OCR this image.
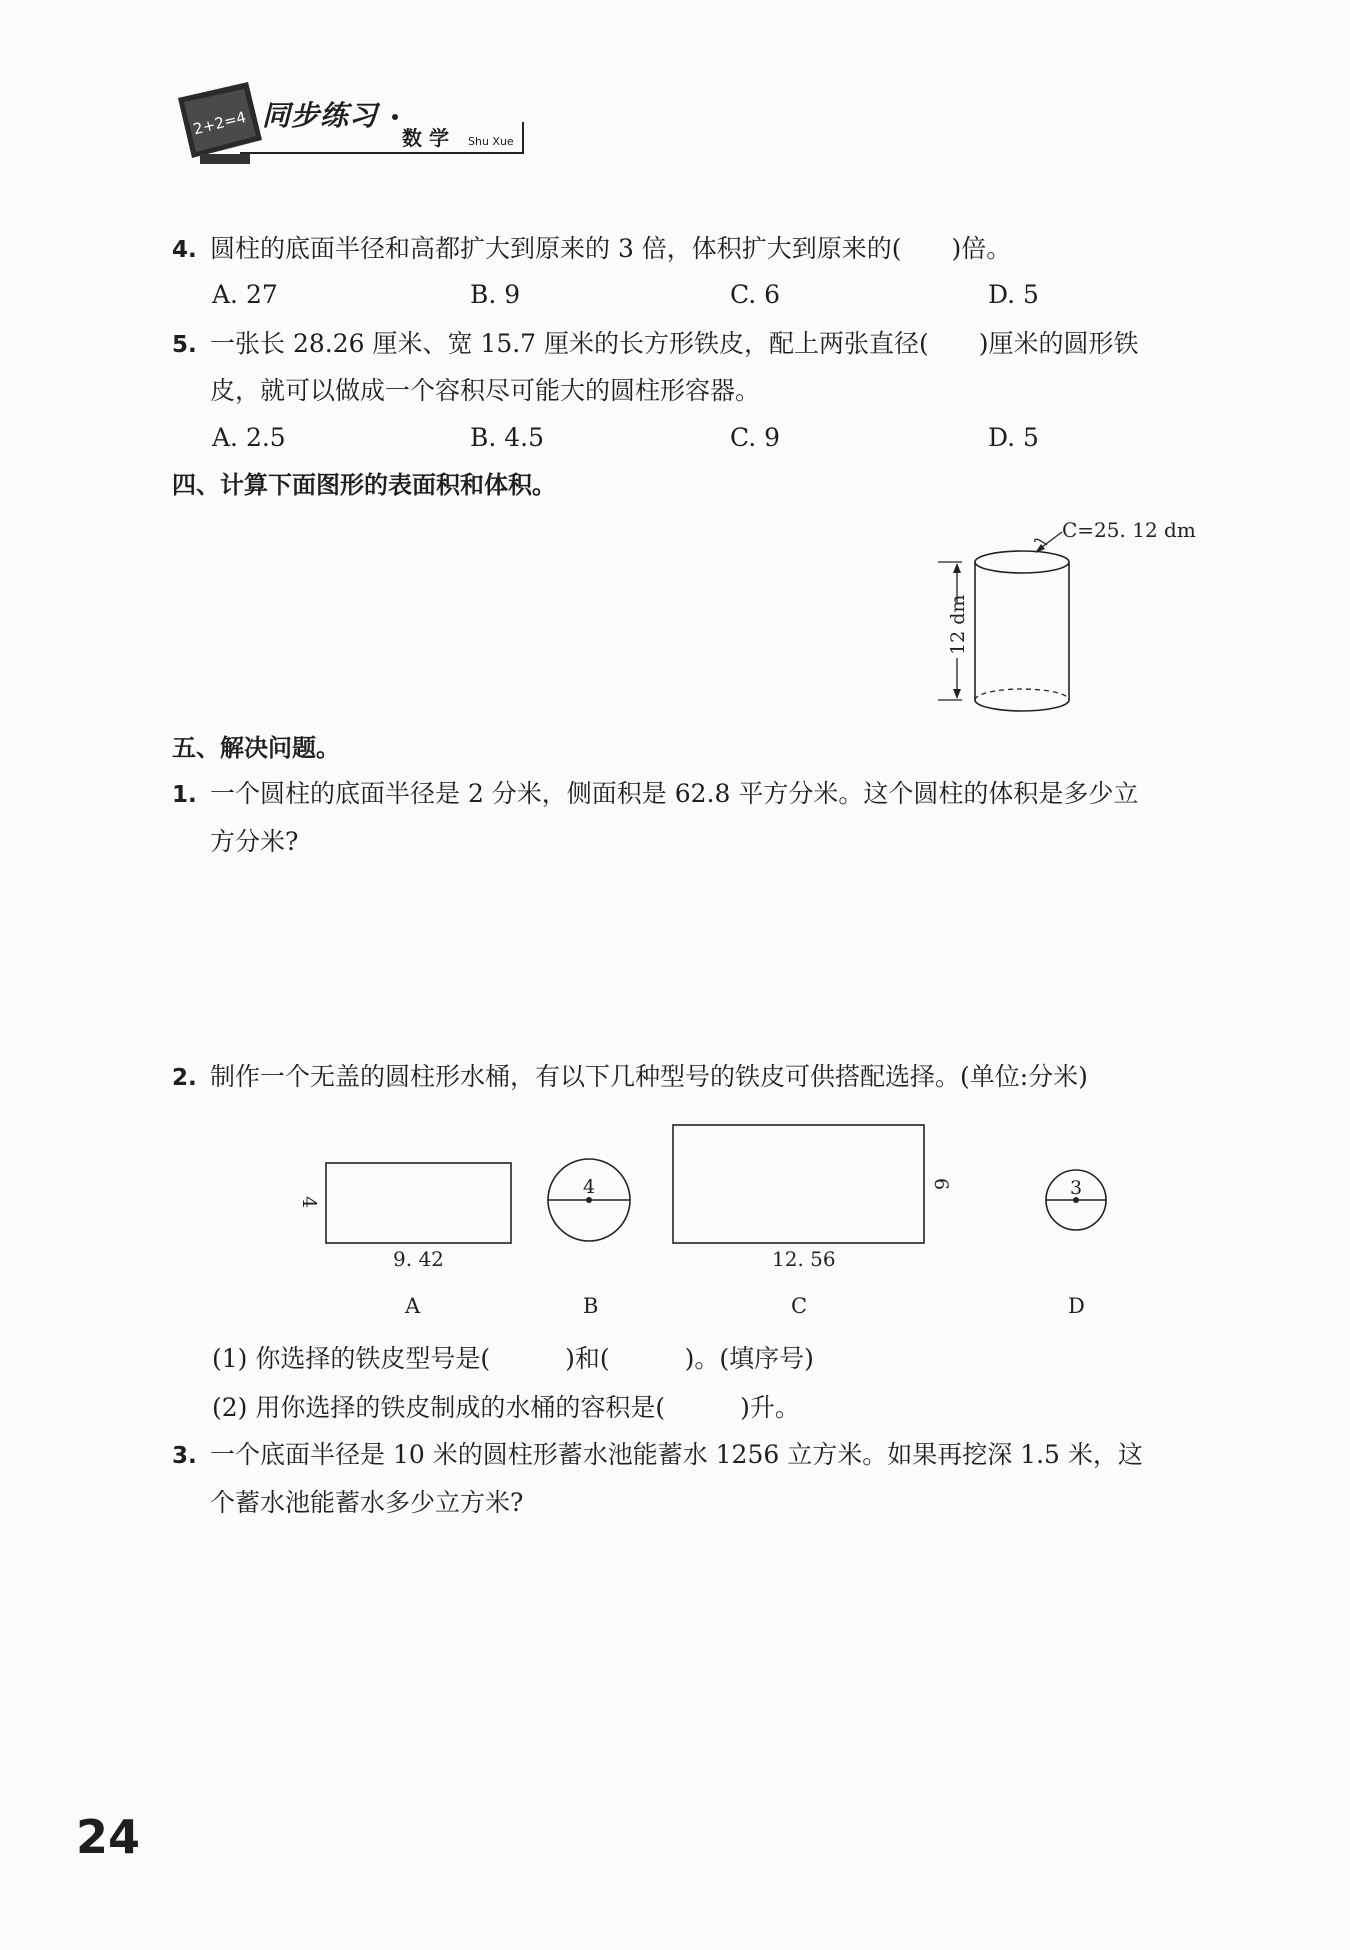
2+2=4 同步练习
数 学 Shu Xue
4. 圆柱的底面半径和高都扩大到原来的 3 倍，体积扩大到原来的(　　)倍。
A. 27	B. 9	C. 6	D. 5
5. 一张长 28.26 厘米、宽 15.7 厘米的长方形铁皮，配上两张直径(　　)厘米的圆形铁
皮，就可以做成一个容积尽可能大的圆柱形容器。
A. 2.5	B. 4.5	C. 9	D. 5
四、计算下面图形的表面积和体积。
12 dm
C=25. 12 dm
五、解决问题。
1. 一个圆柱的底面半径是 2 分米，侧面积是 62.8 平方分米。这个圆柱的体积是多少立
方分米?
2. 制作一个无盖的圆柱形水桶，有以下几种型号的铁皮可供搭配选择。(单位:分米)
4
9. 42
A
4
B
6
12. 56
C
3
D
(1) 你选择的铁皮型号是(　　　)和(　　　)。(填序号)
(2) 用你选择的铁皮制成的水桶的容积是(　　　)升。
3. 一个底面半径是 10 米的圆柱形蓄水池能蓄水 1256 立方米。如果再挖深 1.5 米，这
个蓄水池能蓄水多少立方米?
24
